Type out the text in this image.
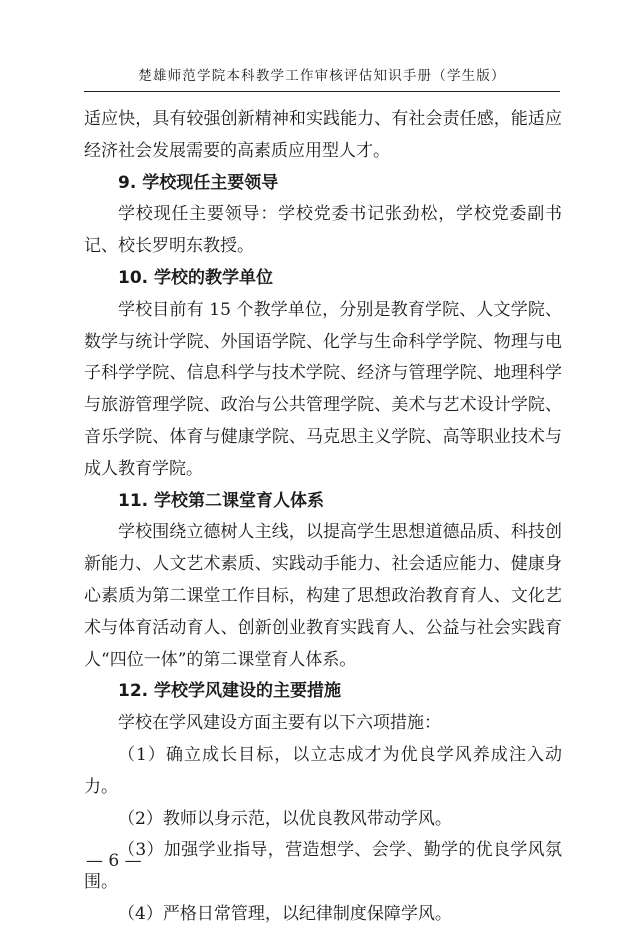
楚雄师范学院本科教学工作审核评估知识手册（学生版）

适应快，具有较强创新精神和实践能力、有社会责任感，能适应经济社会发展需要的高素质应用型人才。

9. 学校现任主要领导

学校现任主要领导：学校党委书记张劲松，学校党委副书记、校长罗明东教授。

10. 学校的教学单位

学校目前有 15 个教学单位，分别是教育学院、人文学院、数学与统计学院、外国语学院、化学与生命科学学院、物理与电子科学学院、信息科学与技术学院、经济与管理学院、地理科学与旅游管理学院、政治与公共管理学院、美术与艺术设计学院、音乐学院、体育与健康学院、马克思主义学院、高等职业技术与成人教育学院。

11. 学校第二课堂育人体系

学校围绕立德树人主线，以提高学生思想道德品质、科技创新能力、人文艺术素质、实践动手能力、社会适应能力、健康身心素质为第二课堂工作目标，构建了思想政治教育育人、文化艺术与体育活动育人、创新创业教育实践育人、公益与社会实践育人“四位一体”的第二课堂育人体系。

12. 学校学风建设的主要措施

学校在学风建设方面主要有以下六项措施：

（1）确立成长目标，以立志成才为优良学风养成注入动力。

（2）教师以身示范，以优良教风带动学风。

（3）加强学业指导，营造想学、会学、勤学的优良学风氛围。

（4）严格日常管理，以纪律制度保障学风。

— 6 —
